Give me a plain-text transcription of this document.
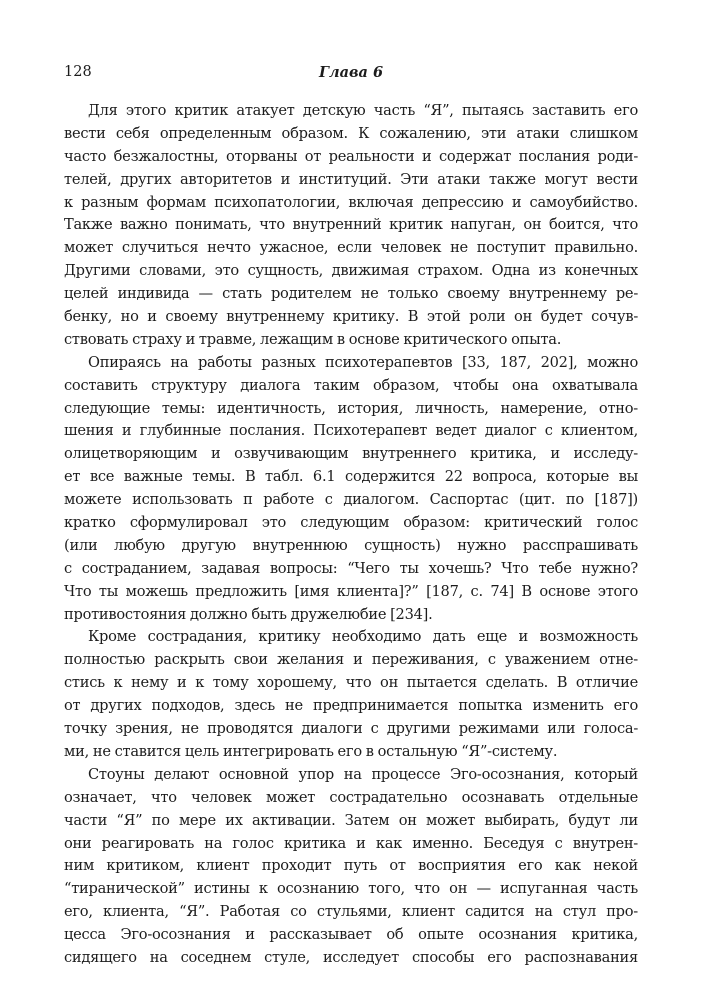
128	Глава 6
Для этого критик атакует детскую часть “Я”, пытаясь заставить его
вести себя определенным образом. К сожалению, эти атаки слишком
часто безжалостны, оторваны от реальности и содержат послания роди-
телей, других авторитетов и институций. Эти атаки также могут вести
к разным формам психопатологии, включая депрессию и самоубийство.
Также важно понимать, что внутренний критик напуган, он боится, что
может случиться нечто ужасное, если человек не поступит правильно.
Другими словами, это сущность, движимая страхом. Одна из конечных
целей индивида — стать родителем не только своему внутреннему ре-
бенку, но и своему внутреннему критику. В этой роли он будет сочув-
ствовать страху и травме, лежащим в основе критического опыта.
Опираясь на работы разных психотерапевтов [33, 187, 202], можно
составить структуру диалога таким образом, чтобы она охватывала
следующие темы: идентичность, история, личность, намерение, отно-
шения и глубинные послания. Психотерапевт ведет диалог с клиентом,
олицетворяющим и озвучивающим внутреннего критика, и исследу-
ет все важные темы. В табл. 6.1 содержится 22 вопроса, которые вы
можете использовать п работе с диалогом. Саспортас (цит. по [187])
кратко сформулировал это следующим образом: критический голос
(или любую другую внутреннюю сущность) нужно расспрашивать
с состраданием, задавая вопросы: “Чего ты хочешь? Что тебе нужно?
Что ты можешь предложить [имя клиента]?” [187, с. 74] В основе этого
противостояния должно быть дружелюбие [234].
Кроме сострадания, критику необходимо дать еще и возможность
полностью раскрыть свои желания и переживания, с уважением отне-
стись к нему и к тому хорошему, что он пытается сделать. В отличие
от других подходов, здесь не предпринимается попытка изменить его
точку зрения, не проводятся диалоги с другими режимами или голоса-
ми, не ставится цель интегрировать его в остальную “Я”-систему.
Стоуны делают основной упор на процессе Эго-осознания, который
означает, что человек может сострадательно осознавать отдельные
части “Я” по мере их активации. Затем он может выбирать, будут ли
они реагировать на голос критика и как именно. Беседуя с внутрен-
ним критиком, клиент проходит путь от восприятия его как некой
“тиранической” истины к осознанию того, что он — испуганная часть
его, клиента, “Я”. Работая со стульями, клиент садится на стул про-
цесса Эго-осознания и рассказывает об опыте осознания критика,
сидящего на соседнем стуле, исследует способы его распознавания
